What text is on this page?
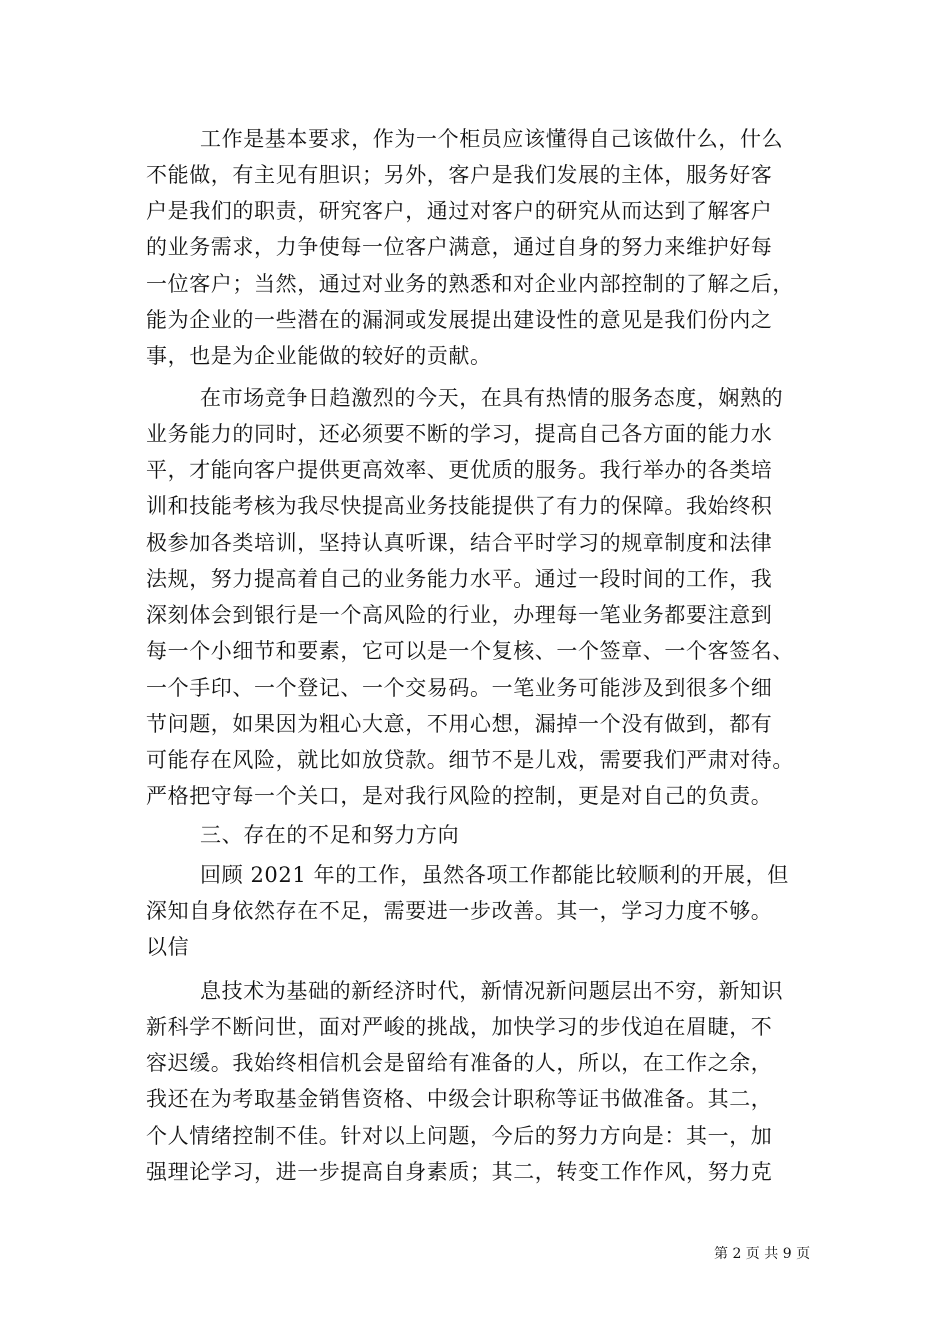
工作是基本要求，作为一个柜员应该懂得自己该做什么，什么
不能做，有主见有胆识；另外，客户是我们发展的主体，服务好客
户是我们的职责，研究客户，通过对客户的研究从而达到了解客户
的业务需求，力争使每一位客户满意，通过自身的努力来维护好每
一位客户；当然，通过对业务的熟悉和对企业内部控制的了解之后，
能为企业的一些潜在的漏洞或发展提出建设性的意见是我们份内之
事，也是为企业能做的较好的贡献。
在市场竞争日趋激烈的今天，在具有热情的服务态度，娴熟的
业务能力的同时，还必须要不断的学习，提高自己各方面的能力水
平，才能向客户提供更高效率、更优质的服务。我行举办的各类培
训和技能考核为我尽快提高业务技能提供了有力的保障。我始终积
极参加各类培训，坚持认真听课，结合平时学习的规章制度和法律
法规，努力提高着自己的业务能力水平。通过一段时间的工作，我
深刻体会到银行是一个高风险的行业，办理每一笔业务都要注意到
每一个小细节和要素，它可以是一个复核、一个签章、一个客签名、
一个手印、一个登记、一个交易码。一笔业务可能涉及到很多个细
节问题，如果因为粗心大意，不用心想，漏掉一个没有做到，都有
可能存在风险，就比如放贷款。细节不是儿戏，需要我们严肃对待。
严格把守每一个关口，是对我行风险的控制，更是对自己的负责。
三、存在的不足和努力方向
回顾 2021 年的工作，虽然各项工作都能比较顺利的开展，但
深知自身依然存在不足，需要进一步改善。其一，学习力度不够。
以信
息技术为基础的新经济时代，新情况新问题层出不穷，新知识
新科学不断问世，面对严峻的挑战，加快学习的步伐迫在眉睫，不
容迟缓。我始终相信机会是留给有准备的人，所以，在工作之余，
我还在为考取基金销售资格、中级会计职称等证书做准备。其二，
个人情绪控制不佳。针对以上问题，今后的努力方向是：其一，加
强理论学习，进一步提高自身素质；其二，转变工作作风，努力克
第 2 页 共 9 页
